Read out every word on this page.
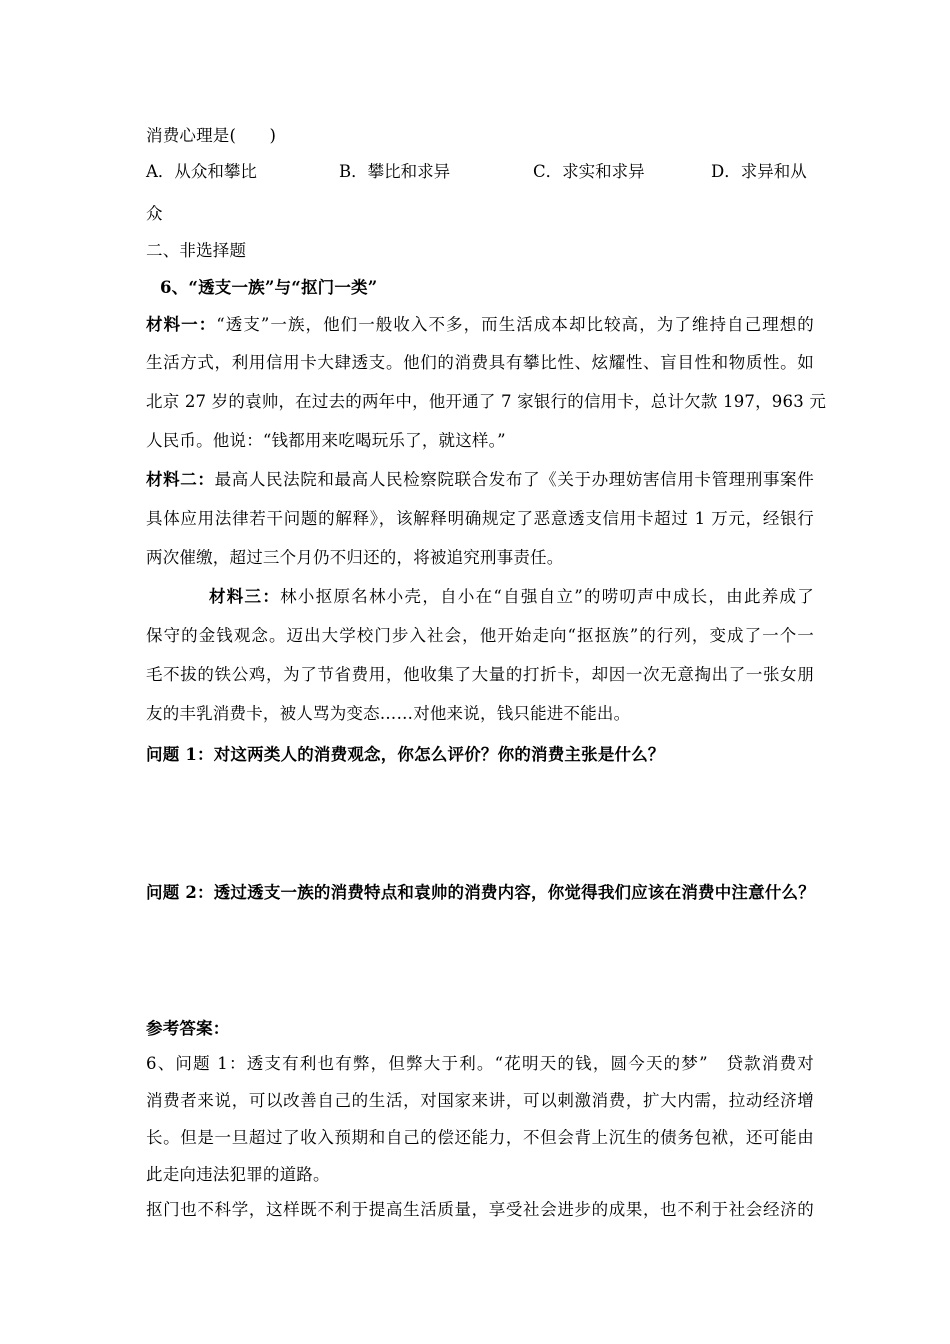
消费心理是(　　)
A．从众和攀比	B．攀比和求异	C．求实和求异	D．求异和从
众
二、非选择题
6、“透支一族”与“抠门一类”
材料一：“透支”一族，他们一般收入不多，而生活成本却比较高，为了维持自己理想的
生活方式，利用信用卡大肆透支。他们的消费具有攀比性、炫耀性、盲目性和物质性。如
北京 27 岁的袁帅，在过去的两年中，他开通了 7 家银行的信用卡，总计欠款 197，963 元
人民币。他说：“钱都用来吃喝玩乐了，就这样。”
材料二：最高人民法院和最高人民检察院联合发布了《关于办理妨害信用卡管理刑事案件
具体应用法律若干问题的解释》，该解释明确规定了恶意透支信用卡超过 1 万元，经银行
两次催缴，超过三个月仍不归还的，将被追究刑事责任。
材料三：林小抠原名林小壳，自小在“自强自立”的唠叨声中成长，由此养成了
保守的金钱观念。迈出大学校门步入社会，他开始走向“抠抠族”的行列，变成了一个一
毛不拔的铁公鸡，为了节省费用，他收集了大量的打折卡，却因一次无意掏出了一张女朋
友的丰乳消费卡，被人骂为变态……对他来说，钱只能进不能出。
问题 1：对这两类人的消费观念，你怎么评价？你的消费主张是什么？
问题 2：透过透支一族的消费特点和袁帅的消费内容，你觉得我们应该在消费中注意什么？
参考答案：
6、问题 1：透支有利也有弊，但弊大于利。“花明天的钱，圆今天的梦”　贷款消费对
消费者来说，可以改善自己的生活，对国家来讲，可以刺激消费，扩大内需，拉动经济增
长。但是一旦超过了收入预期和自己的偿还能力，不但会背上沉生的债务包袱，还可能由
此走向违法犯罪的道路。
抠门也不科学，这样既不利于提高生活质量，享受社会进步的成果，也不利于社会经济的
